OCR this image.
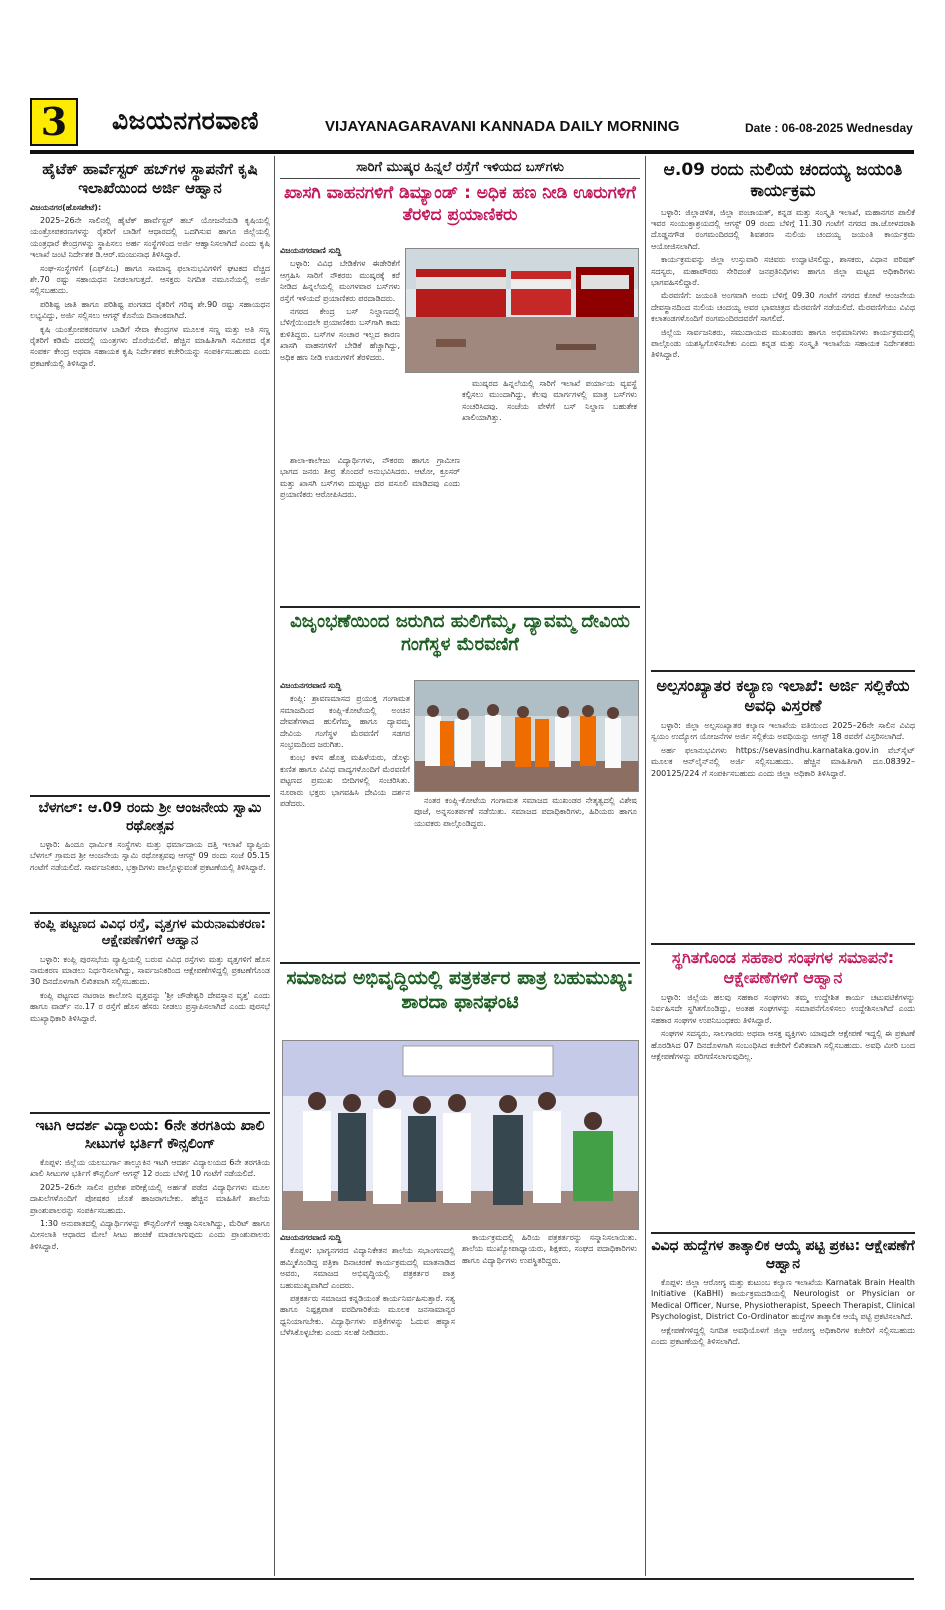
3	ವಿಜಯನಗರವಾಣಿ	VIJAYANAGARAVANI KANNADA DAILY MORNING	Date : 06-08-2025 Wednesday
ಹೈಟೆಕ್ ಹಾರ್ವೆಸ್ಟರ್ ಹಬ್‌ಗಳ ಸ್ಥಾಪನೆಗೆ ಕೃಷಿ ಇಲಾಖೆಯಿಂದ ಅರ್ಜಿ ಆಹ್ವಾನ

ವಿಜಯನಗರ(ಹೊಸಪೇಟೆ):

2025–26ನೇ ಸಾಲಿನಲ್ಲಿ ಹೈಟೆಕ್ ಹಾರ್ವೆಸ್ಟರ್ ಹಬ್ ಯೋಜನೆಯಡಿ ಕೃಷಿಯಲ್ಲಿ ಯಂತ್ರೋಪಕರಣಗಳನ್ನು ರೈತರಿಗೆ ಬಾಡಿಗೆ ಆಧಾರದಲ್ಲಿ ಒದಗಿಸುವ ಹಾಗೂ ಜಿಲ್ಲೆಯಲ್ಲಿ ಯಂತ್ರಧಾರೆ ಕೇಂದ್ರಗಳನ್ನು ಸ್ಥಾಪಿಸಲು ಅರ್ಹ ಸಂಸ್ಥೆಗಳಿಂದ ಅರ್ಜಿ ಆಹ್ವಾನಿಸಲಾಗಿದೆ ಎಂದು ಕೃಷಿ ಇಲಾಖೆ ಜಂಟಿ ನಿರ್ದೇಶಕ ಡಿ.ಆರ್.ಮಂಜುನಾಥ ತಿಳಿಸಿದ್ದಾರೆ.

ಸಂಘ-ಸಂಸ್ಥೆಗಳಿಗೆ (ಎಫ್‌ಪಿಒ) ಹಾಗೂ ಸಾಮಾನ್ಯ ಫಲಾನುಭವಿಗಳಿಗೆ ಘಟಕದ ವೆಚ್ಚದ ಶೇ.70 ರಷ್ಟು ಸಹಾಯಧನ ನೀಡಲಾಗುತ್ತದೆ. ಆಸಕ್ತರು ನಿಗದಿತ ನಮೂನೆಯಲ್ಲಿ ಅರ್ಜಿ ಸಲ್ಲಿಸಬಹುದು.

ಪರಿಶಿಷ್ಟ ಜಾತಿ ಹಾಗೂ ಪರಿಶಿಷ್ಟ ಪಂಗಡದ ರೈತರಿಗೆ ಗರಿಷ್ಠ ಶೇ.90 ರಷ್ಟು ಸಹಾಯಧನ ಲಭ್ಯವಿದ್ದು, ಅರ್ಜಿ ಸಲ್ಲಿಸಲು ಆಗಸ್ಟ್ ಕೊನೆಯ ದಿನಾಂಕವಾಗಿದೆ.

ಕೃಷಿ ಯಂತ್ರೋಪಕರಣಗಳ ಬಾಡಿಗೆ ಸೇವಾ ಕೇಂದ್ರಗಳ ಮೂಲಕ ಸಣ್ಣ ಮತ್ತು ಅತಿ ಸಣ್ಣ ರೈತರಿಗೆ ಕಡಿಮೆ ದರದಲ್ಲಿ ಯಂತ್ರಗಳು ದೊರೆಯಲಿವೆ. ಹೆಚ್ಚಿನ ಮಾಹಿತಿಗಾಗಿ ಸಮೀಪದ ರೈತ ಸಂಪರ್ಕ ಕೇಂದ್ರ ಅಥವಾ ಸಹಾಯಕ ಕೃಷಿ ನಿರ್ದೇಶಕರ ಕಚೇರಿಯನ್ನು ಸಂಪರ್ಕಿಸಬಹುದು ಎಂದು ಪ್ರಕಟಣೆಯಲ್ಲಿ ತಿಳಿಸಿದ್ದಾರೆ.

ಬೆಳಗಲ್: ಆ.09 ರಂದು ಶ್ರೀ ಆಂಜನೇಯ ಸ್ವಾಮಿ ರಥೋತ್ಸವ

ಬಳ್ಳಾರಿ: ಹಿಂದೂ ಧಾರ್ಮಿಕ ಸಂಸ್ಥೆಗಳು ಮತ್ತು ಧರ್ಮಾದಾಯ ದತ್ತಿ ಇಲಾಖೆ ವ್ಯಾಪ್ತಿಯ ಬೆಳಗಲ್ ಗ್ರಾಮದ ಶ್ರೀ ಆಂಜನೇಯ ಸ್ವಾಮಿ ರಥೋತ್ಸವವು ಆಗಸ್ಟ್ 09 ರಂದು ಸಂಜೆ 05.15 ಗಂಟೆಗೆ ನಡೆಯಲಿದೆ. ಸಾರ್ವಜನಿಕರು, ಭಕ್ತಾದಿಗಳು ಪಾಲ್ಗೊಳ್ಳುವಂತೆ ಪ್ರಕಟಣೆಯಲ್ಲಿ ತಿಳಿಸಿದ್ದಾರೆ.

ಕಂಪ್ಲಿ ಪಟ್ಟಣದ ವಿವಿಧ ರಸ್ತೆ, ವೃತ್ತಗಳ ಮರುನಾಮಕರಣ: ಆಕ್ಷೇಪಣೆಗಳಿಗೆ ಆಹ್ವಾನ

ಬಳ್ಳಾರಿ: ಕಂಪ್ಲಿ ಪುರಸಭೆಯ ವ್ಯಾಪ್ತಿಯಲ್ಲಿ ಬರುವ ವಿವಿಧ ರಸ್ತೆಗಳು ಮತ್ತು ವೃತ್ತಗಳಿಗೆ ಹೊಸ ನಾಮಕರಣ ಮಾಡಲು ನಿರ್ಧರಿಸಲಾಗಿದ್ದು, ಸಾರ್ವಜನಿಕರಿಂದ ಆಕ್ಷೇಪಣೆಗಳಿದ್ದಲ್ಲಿ ಪ್ರಕಟಣೆಗೊಂಡ 30 ದಿನದೊಳಗಾಗಿ ಲಿಖಿತವಾಗಿ ಸಲ್ಲಿಸಬಹುದು.

ಕಂಪ್ಲಿ ಪಟ್ಟಣದ ನಟರಾಜ ಕಾಲೋನಿ ವೃತ್ತವನ್ನು 'ಶ್ರೀ ಚೌಡೇಶ್ವರಿ ದೇವಸ್ಥಾನ ವೃತ್ತ' ಎಂದು ಹಾಗೂ ವಾರ್ಡ್ ನಂ.17 ರ ರಸ್ತೆಗೆ ಹೊಸ ಹೆಸರು ನೀಡಲು ಪ್ರಸ್ತಾಪಿಸಲಾಗಿದೆ ಎಂದು ಪುರಸಭೆ ಮುಖ್ಯಾಧಿಕಾರಿ ತಿಳಿಸಿದ್ದಾರೆ.

ಇಟಗಿ ಆದರ್ಶ ವಿದ್ಯಾಲಯ: 6ನೇ ತರಗತಿಯ ಖಾಲಿ ಸೀಟುಗಳ ಭರ್ತಿಗೆ ಕೌನ್ಸಲಿಂಗ್

ಕೊಪ್ಪಳ: ಜಿಲ್ಲೆಯ ಯಲಬುರ್ಗಾ ತಾಲ್ಲೂಕಿನ ಇಟಗಿ ಆದರ್ಶ ವಿದ್ಯಾಲಯದ 6ನೇ ತರಗತಿಯ ಖಾಲಿ ಸೀಟುಗಳ ಭರ್ತಿಗೆ ಕೌನ್ಸಲಿಂಗ್ ಆಗಸ್ಟ್ 12 ರಂದು ಬೆಳಿಗ್ಗೆ 10 ಗಂಟೆಗೆ ನಡೆಯಲಿದೆ.

2025–26ನೇ ಸಾಲಿನ ಪ್ರವೇಶ ಪರೀಕ್ಷೆಯಲ್ಲಿ ಅರ್ಹತೆ ಪಡೆದ ವಿದ್ಯಾರ್ಥಿಗಳು ಮೂಲ ದಾಖಲೆಗಳೊಂದಿಗೆ ಪೋಷಕರ ಜೊತೆ ಹಾಜರಾಗಬೇಕು. ಹೆಚ್ಚಿನ ಮಾಹಿತಿಗೆ ಶಾಲೆಯ ಪ್ರಾಂಶುಪಾಲರನ್ನು ಸಂಪರ್ಕಿಸಬಹುದು.

1:30 ಅನುಪಾತದಲ್ಲಿ ವಿದ್ಯಾರ್ಥಿಗಳನ್ನು ಕೌನ್ಸಲಿಂಗ್‌ಗೆ ಆಹ್ವಾನಿಸಲಾಗಿದ್ದು, ಮೆರಿಟ್ ಹಾಗೂ ಮೀಸಲಾತಿ ಆಧಾರದ ಮೇಲೆ ಸೀಟು ಹಂಚಿಕೆ ಮಾಡಲಾಗುವುದು ಎಂದು ಪ್ರಾಂಶುಪಾಲರು ತಿಳಿಸಿದ್ದಾರೆ.

ಸಾರಿಗೆ ಮುಷ್ಕರ ಹಿನ್ನಲೆ ರಸ್ತೆಗೆ ಇಳಿಯದ ಬಸ್‌ಗಳು
ಖಾಸಗಿ ವಾಹನಗಳಿಗೆ ಡಿಮ್ಯಾಂಡ್ : ಅಧಿಕ ಹಣ ನೀಡಿ ಊರುಗಳಿಗೆ ತೆರಳಿದ ಪ್ರಯಾಣಿಕರು

ವಿಜಯನಗರವಾಣಿ ಸುದ್ದಿ

ಬಳ್ಳಾರಿ: ವಿವಿಧ ಬೇಡಿಕೆಗಳ ಈಡೇರಿಕೆಗೆ ಆಗ್ರಹಿಸಿ ಸಾರಿಗೆ ನೌಕರರು ಮುಷ್ಕರಕ್ಕೆ ಕರೆ ನೀಡಿದ ಹಿನ್ನಲೆಯಲ್ಲಿ ಮಂಗಳವಾರ ಬಸ್‌ಗಳು ರಸ್ತೆಗೆ ಇಳಿಯದೆ ಪ್ರಯಾಣಿಕರು ಪರದಾಡಿದರು.

ನಗರದ ಕೇಂದ್ರ ಬಸ್ ನಿಲ್ದಾಣದಲ್ಲಿ ಬೆಳಿಗ್ಗೆಯಿಂದಲೇ ಪ್ರಯಾಣಿಕರು ಬಸ್‌ಗಾಗಿ ಕಾದು ಕುಳಿತಿದ್ದರು. ಬಸ್‌ಗಳ ಸಂಚಾರ ಇಲ್ಲದ ಕಾರಣ ಖಾಸಗಿ ವಾಹನಗಳಿಗೆ ಬೇಡಿಕೆ ಹೆಚ್ಚಾಗಿದ್ದು, ಅಧಿಕ ಹಣ ನೀಡಿ ಊರುಗಳಿಗೆ ತೆರಳಿದರು.

ಶಾಲಾ-ಕಾಲೇಜು ವಿದ್ಯಾರ್ಥಿಗಳು, ನೌಕರರು ಹಾಗೂ ಗ್ರಾಮೀಣ ಭಾಗದ ಜನರು ತೀವ್ರ ತೊಂದರೆ ಅನುಭವಿಸಿದರು. ಆಟೋ, ಕ್ರೂಸರ್ ಮತ್ತು ಖಾಸಗಿ ಬಸ್‌ಗಳು ದುಪ್ಪಟ್ಟು ದರ ವಸೂಲಿ ಮಾಡಿದವು ಎಂದು ಪ್ರಯಾಣಿಕರು ಆರೋಪಿಸಿದರು.

ಮುಷ್ಕರದ ಹಿನ್ನಲೆಯಲ್ಲಿ ಸಾರಿಗೆ ಇಲಾಖೆ ಪರ್ಯಾಯ ವ್ಯವಸ್ಥೆ ಕಲ್ಪಿಸಲು ಮುಂದಾಗಿದ್ದು, ಕೆಲವು ಮಾರ್ಗಗಳಲ್ಲಿ ಮಾತ್ರ ಬಸ್‌ಗಳು ಸಂಚರಿಸಿದವು. ಸಂಜೆಯ ವೇಳೆಗೆ ಬಸ್ ನಿಲ್ದಾಣ ಬಹುತೇಕ ಖಾಲಿಯಾಗಿತ್ತು.

ವಿಜೃಂಭಣೆಯಿಂದ ಜರುಗಿದ ಹುಲಿಗೆಮ್ಮ, ದ್ಯಾವಮ್ಮ ದೇವಿಯ ಗಂಗೆಸ್ಥಳ ಮೆರವಣಿಗೆ

ವಿಜಯನಗರವಾಣಿ ಸುದ್ದಿ

ಕಂಪ್ಲಿ: ಶ್ರಾವಣಮಾಸದ ಪ್ರಯುಕ್ತ ಗಂಗಾಮತ ಸಮಾಜದಿಂದ ಕಂಪ್ಲಿ-ಕೋಟೆಯಲ್ಲಿ ಅಂಚಿನ ದೇವತೆಗಳಾದ ಹುಲಿಗೆಮ್ಮ ಹಾಗೂ ದ್ಯಾವಮ್ಮ ದೇವಿಯ ಗಂಗೆಸ್ಥಳ ಮೆರವಣಿಗೆ ಸಡಗರ ಸಂಭ್ರಮದಿಂದ ಜರುಗಿತು.

ಕುಂಭ ಕಳಸ ಹೊತ್ತ ಮಹಿಳೆಯರು, ಡೊಳ್ಳು ಕುಣಿತ ಹಾಗೂ ವಿವಿಧ ವಾದ್ಯಗಳೊಂದಿಗೆ ಮೆರವಣಿಗೆ ಪಟ್ಟಣದ ಪ್ರಮುಖ ಬೀದಿಗಳಲ್ಲಿ ಸಂಚರಿಸಿತು. ನೂರಾರು ಭಕ್ತರು ಭಾಗವಹಿಸಿ ದೇವಿಯ ದರ್ಶನ ಪಡೆದರು.	ನಂತರ ಕಂಪ್ಲಿ-ಕೋಟೆಯ ಗಂಗಾಮತ ಸಮಾಜದ ಮುಖಂಡರ ನೇತೃತ್ವದಲ್ಲಿ ವಿಶೇಷ ಪೂಜೆ, ಅನ್ನಸಂತರ್ಪಣೆ ನಡೆಯಿತು. ಸಮಾಜದ ಪದಾಧಿಕಾರಿಗಳು, ಹಿರಿಯರು ಹಾಗೂ ಯುವಕರು ಪಾಲ್ಗೊಂಡಿದ್ದರು.

ಸಮಾಜದ ಅಭಿವೃದ್ಧಿಯಲ್ಲಿ ಪತ್ರಕರ್ತರ ಪಾತ್ರ ಬಹುಮುಖ್ಯ: ಶಾರದಾ ಫಾನಘಂಟಿ

ವಿಜಯನಗರವಾಣಿ ಸುದ್ದಿ

ಕೊಪ್ಪಳ: ಭಾಗ್ಯನಗರದ ವಿದ್ಯಾನಿಕೇತನ ಶಾಲೆಯ ಸಭಾಂಗಣದಲ್ಲಿ ಹಮ್ಮಿಕೊಂಡಿದ್ದ ಪತ್ರಿಕಾ ದಿನಾಚರಣೆ ಕಾರ್ಯಕ್ರಮದಲ್ಲಿ ಮಾತನಾಡಿದ ಅವರು, ಸಮಾಜದ ಅಭಿವೃದ್ಧಿಯಲ್ಲಿ ಪತ್ರಕರ್ತರ ಪಾತ್ರ ಬಹುಮುಖ್ಯವಾಗಿದೆ ಎಂದರು.

ಪತ್ರಕರ್ತರು ಸಮಾಜದ ಕನ್ನಡಿಯಂತೆ ಕಾರ್ಯನಿರ್ವಹಿಸುತ್ತಾರೆ. ಸತ್ಯ ಹಾಗೂ ನಿಷ್ಪಕ್ಷಪಾತ ವರದಿಗಾರಿಕೆಯ ಮೂಲಕ ಜನಸಾಮಾನ್ಯರ ಧ್ವನಿಯಾಗಬೇಕು. ವಿದ್ಯಾರ್ಥಿಗಳು ಪತ್ರಿಕೆಗಳನ್ನು ಓದುವ ಹವ್ಯಾಸ ಬೆಳೆಸಿಕೊಳ್ಳಬೇಕು ಎಂದು ಸಲಹೆ ನೀಡಿದರು.

ಕಾರ್ಯಕ್ರಮದಲ್ಲಿ ಹಿರಿಯ ಪತ್ರಕರ್ತರನ್ನು ಸನ್ಮಾನಿಸಲಾಯಿತು. ಶಾಲೆಯ ಮುಖ್ಯೋಪಾಧ್ಯಾಯರು, ಶಿಕ್ಷಕರು, ಸಂಘದ ಪದಾಧಿಕಾರಿಗಳು ಹಾಗೂ ವಿದ್ಯಾರ್ಥಿಗಳು ಉಪಸ್ಥಿತರಿದ್ದರು.

ಆ.09 ರಂದು ನುಲಿಯ ಚಂದಯ್ಯ ಜಯಂತಿ ಕಾರ್ಯಕ್ರಮ

ಬಳ್ಳಾರಿ: ಜಿಲ್ಲಾಡಳಿತ, ಜಿಲ್ಲಾ ಪಂಚಾಯತ್, ಕನ್ನಡ ಮತ್ತು ಸಂಸ್ಕೃತಿ ಇಲಾಖೆ, ಮಹಾನಗರ ಪಾಲಿಕೆ ಇವರ ಸಂಯುಕ್ತಾಶ್ರಯದಲ್ಲಿ ಆಗಸ್ಟ್ 09 ರಂದು ಬೆಳಿಗ್ಗೆ 11.30 ಗಂಟೆಗೆ ನಗರದ ಡಾ.ಜೋಳದರಾಶಿ ದೊಡ್ಡನಗೌಡ ರಂಗಮಂದಿರದಲ್ಲಿ ಶಿವಶರಣ ನುಲಿಯ ಚಂದಯ್ಯ ಜಯಂತಿ ಕಾರ್ಯಕ್ರಮ ಆಯೋಜಿಸಲಾಗಿದೆ.

ಕಾರ್ಯಕ್ರಮವನ್ನು ಜಿಲ್ಲಾ ಉಸ್ತುವಾರಿ ಸಚಿವರು ಉದ್ಘಾಟಿಸಲಿದ್ದು, ಶಾಸಕರು, ವಿಧಾನ ಪರಿಷತ್ ಸದಸ್ಯರು, ಮಹಾಪೌರರು ಸೇರಿದಂತೆ ಜನಪ್ರತಿನಿಧಿಗಳು ಹಾಗೂ ಜಿಲ್ಲಾ ಮಟ್ಟದ ಅಧಿಕಾರಿಗಳು ಭಾಗವಹಿಸಲಿದ್ದಾರೆ.

ಮೆರವಣಿಗೆ: ಜಯಂತಿ ಅಂಗವಾಗಿ ಅಂದು ಬೆಳಿಗ್ಗೆ 09.30 ಗಂಟೆಗೆ ನಗರದ ಕೋಟೆ ಆಂಜನೇಯ ದೇವಸ್ಥಾನದಿಂದ ನುಲಿಯ ಚಂದಯ್ಯ ಅವರ ಭಾವಚಿತ್ರದ ಮೆರವಣಿಗೆ ನಡೆಯಲಿದೆ. ಮೆರವಣಿಗೆಯು ವಿವಿಧ ಕಲಾತಂಡಗಳೊಂದಿಗೆ ರಂಗಮಂದಿರದವರೆಗೆ ಸಾಗಲಿದೆ.

ಜಿಲ್ಲೆಯ ಸಾರ್ವಜನಿಕರು, ಸಮುದಾಯದ ಮುಖಂಡರು ಹಾಗೂ ಅಭಿಮಾನಿಗಳು ಕಾರ್ಯಕ್ರಮದಲ್ಲಿ ಪಾಲ್ಗೊಂಡು ಯಶಸ್ವಿಗೊಳಿಸಬೇಕು ಎಂದು ಕನ್ನಡ ಮತ್ತು ಸಂಸ್ಕೃತಿ ಇಲಾಖೆಯ ಸಹಾಯಕ ನಿರ್ದೇಶಕರು ತಿಳಿಸಿದ್ದಾರೆ.

ಅಲ್ಪಸಂಖ್ಯಾತರ ಕಲ್ಯಾಣ ಇಲಾಖೆ: ಅರ್ಜಿ ಸಲ್ಲಿಕೆಯ ಅವಧಿ ವಿಸ್ತರಣೆ

ಬಳ್ಳಾರಿ: ಜಿಲ್ಲಾ ಅಲ್ಪಸಂಖ್ಯಾತರ ಕಲ್ಯಾಣ ಇಲಾಖೆಯ ವತಿಯಿಂದ 2025–26ನೇ ಸಾಲಿನ ವಿವಿಧ ಸ್ವಯಂ ಉದ್ಯೋಗ ಯೋಜನೆಗಳ ಅರ್ಜಿ ಸಲ್ಲಿಕೆಯ ಅವಧಿಯನ್ನು ಆಗಸ್ಟ್ 18 ರವರೆಗೆ ವಿಸ್ತರಿಸಲಾಗಿದೆ.

ಅರ್ಹ ಫಲಾನುಭವಿಗಳು https://sevasindhu.karnataka.gov.in ವೆಬ್‌ಸೈಟ್ ಮೂಲಕ ಆನ್‌ಲೈನ್‌ನಲ್ಲಿ ಅರ್ಜಿ ಸಲ್ಲಿಸಬಹುದು. ಹೆಚ್ಚಿನ ಮಾಹಿತಿಗಾಗಿ ದೂ.08392–200125/224 ಗೆ ಸಂಪರ್ಕಿಸಬಹುದು ಎಂದು ಜಿಲ್ಲಾ ಅಧಿಕಾರಿ ತಿಳಿಸಿದ್ದಾರೆ.

ಸ್ಥಗಿತಗೊಂಡ ಸಹಕಾರ ಸಂಘಗಳ ಸಮಾಪನೆ: ಆಕ್ಷೇಪಣೆಗಳಿಗೆ ಆಹ್ವಾನ

ಬಳ್ಳಾರಿ: ಜಿಲ್ಲೆಯ ಹಲವು ಸಹಕಾರ ಸಂಘಗಳು ತಮ್ಮ ಉದ್ದೇಶಿತ ಕಾರ್ಯ ಚಟುವಟಿಕೆಗಳನ್ನು ನಿರ್ವಹಿಸದೇ ಸ್ಥಗಿತಗೊಂಡಿದ್ದು, ಅಂತಹ ಸಂಘಗಳನ್ನು ಸಮಾಪನೆಗೊಳಿಸಲು ಉದ್ದೇಶಿಸಲಾಗಿದೆ ಎಂದು ಸಹಕಾರ ಸಂಘಗಳ ಉಪನಿಬಂಧಕರು ತಿಳಿಸಿದ್ದಾರೆ.

ಸಂಘಗಳ ಸದಸ್ಯರು, ಸಾಲಗಾರರು ಅಥವಾ ಆಸಕ್ತ ವ್ಯಕ್ತಿಗಳು ಯಾವುದೇ ಆಕ್ಷೇಪಣೆ ಇದ್ದಲ್ಲಿ ಈ ಪ್ರಕಟಣೆ ಹೊರಡಿಸಿದ 07 ದಿನದೊಳಗಾಗಿ ಸಂಬಂಧಿಸಿದ ಕಚೇರಿಗೆ ಲಿಖಿತವಾಗಿ ಸಲ್ಲಿಸಬಹುದು. ಅವಧಿ ಮೀರಿ ಬಂದ ಆಕ್ಷೇಪಣೆಗಳನ್ನು ಪರಿಗಣಿಸಲಾಗುವುದಿಲ್ಲ.

ವಿವಿಧ ಹುದ್ದೆಗಳ ತಾತ್ಕಾಲಿಕ ಆಯ್ಕೆ ಪಟ್ಟಿ ಪ್ರಕಟ: ಆಕ್ಷೇಪಣೆಗೆ ಆಹ್ವಾನ

ಕೊಪ್ಪಳ: ಜಿಲ್ಲಾ ಆರೋಗ್ಯ ಮತ್ತು ಕುಟುಂಬ ಕಲ್ಯಾಣ ಇಲಾಖೆಯ Karnatak Brain Health Initiative (KaBHI) ಕಾರ್ಯಕ್ರಮದಡಿಯಲ್ಲಿ Neurologist or Physician or Medical Officer, Nurse, Physiotherapist, Speech Therapist, Clinical Psychologist, District Co-Ordinator ಹುದ್ದೆಗಳ ತಾತ್ಕಾಲಿಕ ಆಯ್ಕೆ ಪಟ್ಟಿ ಪ್ರಕಟಿಸಲಾಗಿದೆ.

ಆಕ್ಷೇಪಣೆಗಳಿದ್ದಲ್ಲಿ ನಿಗದಿತ ಅವಧಿಯೊಳಗೆ ಜಿಲ್ಲಾ ಆರೋಗ್ಯ ಅಧಿಕಾರಿಗಳ ಕಚೇರಿಗೆ ಸಲ್ಲಿಸಬಹುದು ಎಂದು ಪ್ರಕಟಣೆಯಲ್ಲಿ ತಿಳಿಸಲಾಗಿದೆ.
